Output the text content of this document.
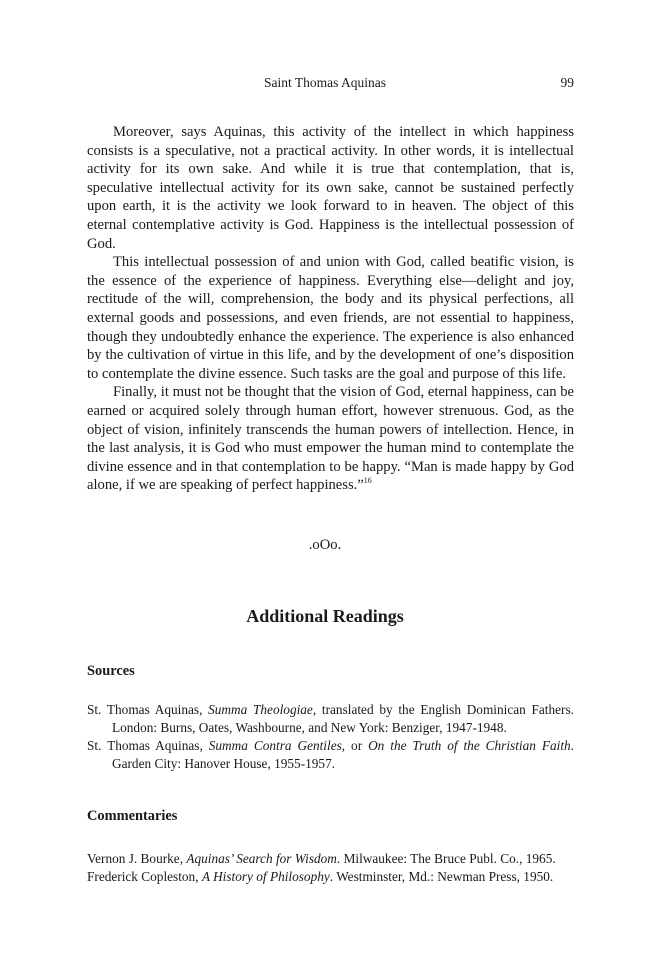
Saint Thomas Aquinas	99

Moreover, says Aquinas, this activity of the intellect in which happiness consists is a speculative, not a practical activity. In other words, it is intellectual activity for its own sake. And while it is true that contemplation, that is, speculative intellectual activity for its own sake, cannot be sustained perfectly upon earth, it is the activity we look forward to in heaven. The object of this eternal contemplative activity is God. Happiness is the intellectual possession of God.

This intellectual possession of and union with God, called beatific vision, is the essence of the experience of happiness. Everything else—delight and joy, rectitude of the will, comprehension, the body and its physical perfections, all external goods and possessions, and even friends, are not essential to happiness, though they undoubtedly enhance the experience. The experience is also enhanced by the cultivation of virtue in this life, and by the development of one’s disposition to contemplate the divine essence. Such tasks are the goal and purpose of this life.

Finally, it must not be thought that the vision of God, eternal happiness, can be earned or acquired solely through human effort, however strenuous. God, as the object of vision, infinitely transcends the human powers of intellection. Hence, in the last analysis, it is God who must empower the human mind to contemplate the divine essence and in that contemplation to be happy. “Man is made happy by God alone, if we are speaking of perfect happiness.”$^{16}$

.oOo.
Additional Readings
Sources
St. Thomas Aquinas, Summa Theologiae, translated by the English Dominican Fathers. London: Burns, Oates, Washbourne, and New York: Benziger, 1947-1948.
St. Thomas Aquinas, Summa Contra Gentiles, or On the Truth of the Christian Faith. Garden City: Hanover House, 1955-1957.
Commentaries
Vernon J. Bourke, Aquinas’ Search for Wisdom. Milwaukee: The Bruce Publ. Co., 1965.
Frederick Copleston, A History of Philosophy. Westminster, Md.: Newman Press, 1950.
